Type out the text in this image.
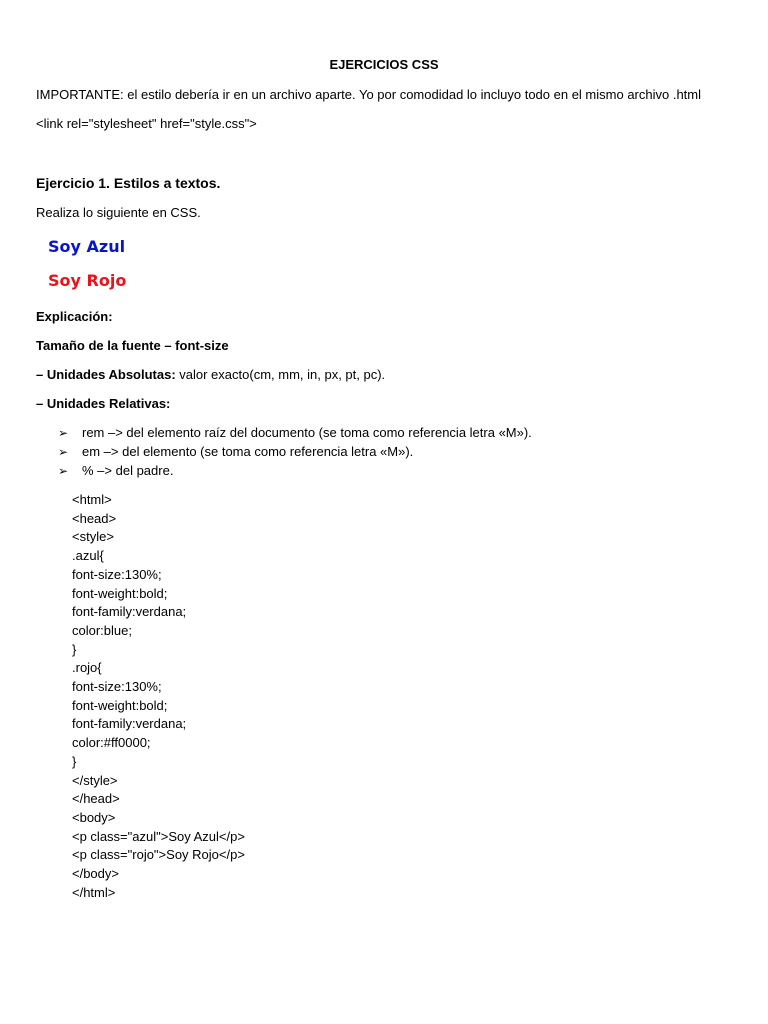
EJERCICIOS CSS
IMPORTANTE: el estilo debería ir en un archivo aparte. Yo por comodidad lo incluyo todo en el mismo archivo .html
<link rel="stylesheet" href="style.css">
Ejercicio 1. Estilos a textos.
Realiza lo siguiente en CSS.
Soy Azul
Soy Rojo
Explicación:
Tamaño de la fuente – font-size
– Unidades Absolutas: valor exacto(cm, mm, in, px, pt, pc).
– Unidades Relativas:
➢ rem –> del elemento raíz del documento (se toma como referencia letra «M»).
➢ em –> del elemento (se toma como referencia letra «M»).
➢ % –> del padre.
<html>
<head>
<style>
.azul{
font-size:130%;
font-weight:bold;
font-family:verdana;
color:blue;
}
.rojo{
font-size:130%;
font-weight:bold;
font-family:verdana;
color:#ff0000;
}
</style>
</head>
<body>
<p class="azul">Soy Azul</p>
<p class="rojo">Soy Rojo</p>
</body>
</html>
